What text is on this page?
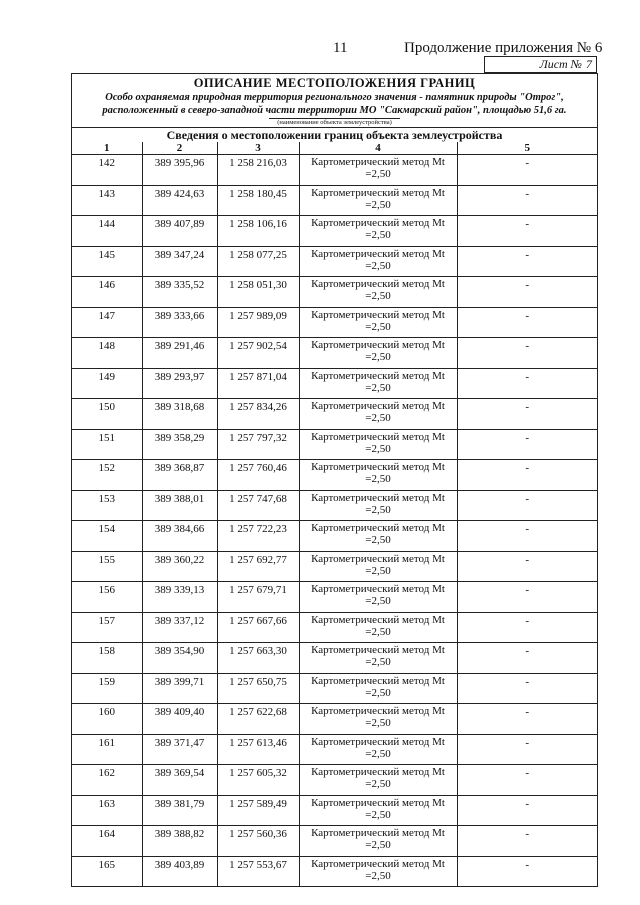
11	Продолжение приложения № 6
Лист № 7
ОПИСАНИЕ МЕСТОПОЛОЖЕНИЯ ГРАНИЦ
Особо охраняемая природная территория регионального значения - памятник природы "Отрог",
расположенный в северо-западной части территории МО "Сакмарский район", площадью 51,6 га.
(наименование объекта землеустройства)
Сведения о местоположении границ объекта землеустройства
1	2	3	4	5
142	389 395,96	1 258 216,03	Картометрический метод Mt =2,50	-
143	389 424,63	1 258 180,45	Картометрический метод Mt =2,50	-
144	389 407,89	1 258 106,16	Картометрический метод Mt =2,50	-
145	389 347,24	1 258 077,25	Картометрический метод Mt =2,50	-
146	389 335,52	1 258 051,30	Картометрический метод Mt =2,50	-
147	389 333,66	1 257 989,09	Картометрический метод Mt =2,50	-
148	389 291,46	1 257 902,54	Картометрический метод Mt =2,50	-
149	389 293,97	1 257 871,04	Картометрический метод Mt =2,50	-
150	389 318,68	1 257 834,26	Картометрический метод Mt =2,50	-
151	389 358,29	1 257 797,32	Картометрический метод Mt =2,50	-
152	389 368,87	1 257 760,46	Картометрический метод Mt =2,50	-
153	389 388,01	1 257 747,68	Картометрический метод Mt =2,50	-
154	389 384,66	1 257 722,23	Картометрический метод Mt =2,50	-
155	389 360,22	1 257 692,77	Картометрический метод Mt =2,50	-
156	389 339,13	1 257 679,71	Картометрический метод Mt =2,50	-
157	389 337,12	1 257 667,66	Картометрический метод Mt =2,50	-
158	389 354,90	1 257 663,30	Картометрический метод Mt =2,50	-
159	389 399,71	1 257 650,75	Картометрический метод Mt =2,50	-
160	389 409,40	1 257 622,68	Картометрический метод Mt =2,50	-
161	389 371,47	1 257 613,46	Картометрический метод Mt =2,50	-
162	389 369,54	1 257 605,32	Картометрический метод Mt =2,50	-
163	389 381,79	1 257 589,49	Картометрический метод Mt =2,50	-
164	389 388,82	1 257 560,36	Картометрический метод Mt =2,50	-
165	389 403,89	1 257 553,67	Картометрический метод Mt =2,50	-
